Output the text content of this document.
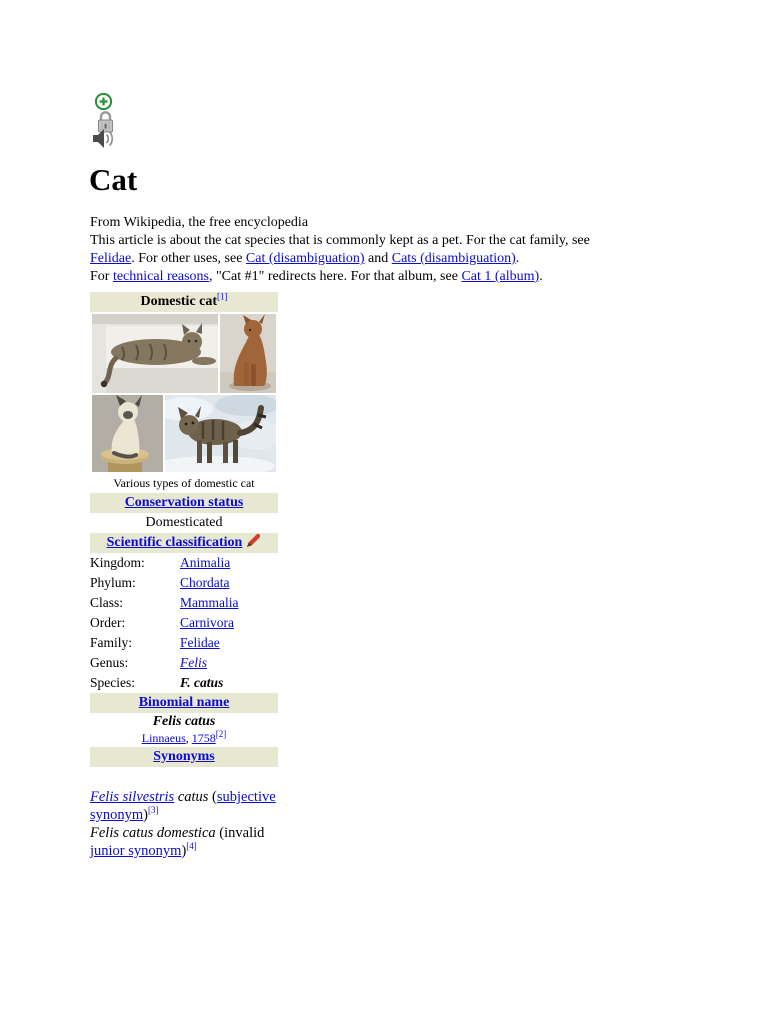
Cat
From Wikipedia, the free encyclopedia
This article is about the cat species that is commonly kept as a pet. For the cat family, see
Felidae. For other uses, see Cat (disambiguation) and Cats (disambiguation).
For technical reasons, "Cat #1" redirects here. For that album, see Cat 1 (album).
Domestic cat[1]
Various types of domestic cat
Conservation status
Domesticated
Scientific classification
Kingdom:	Animalia
Phylum:	Chordata
Class:	Mammalia
Order:	Carnivora
Family:	Felidae
Genus:	Felis
Species:	F. catus
Binomial name
Felis catus
Linnaeus, 1758[2]
Synonyms
Felis silvestris catus (subjective
synonym)[3]
Felis catus domestica (invalid
junior synonym)[4]
